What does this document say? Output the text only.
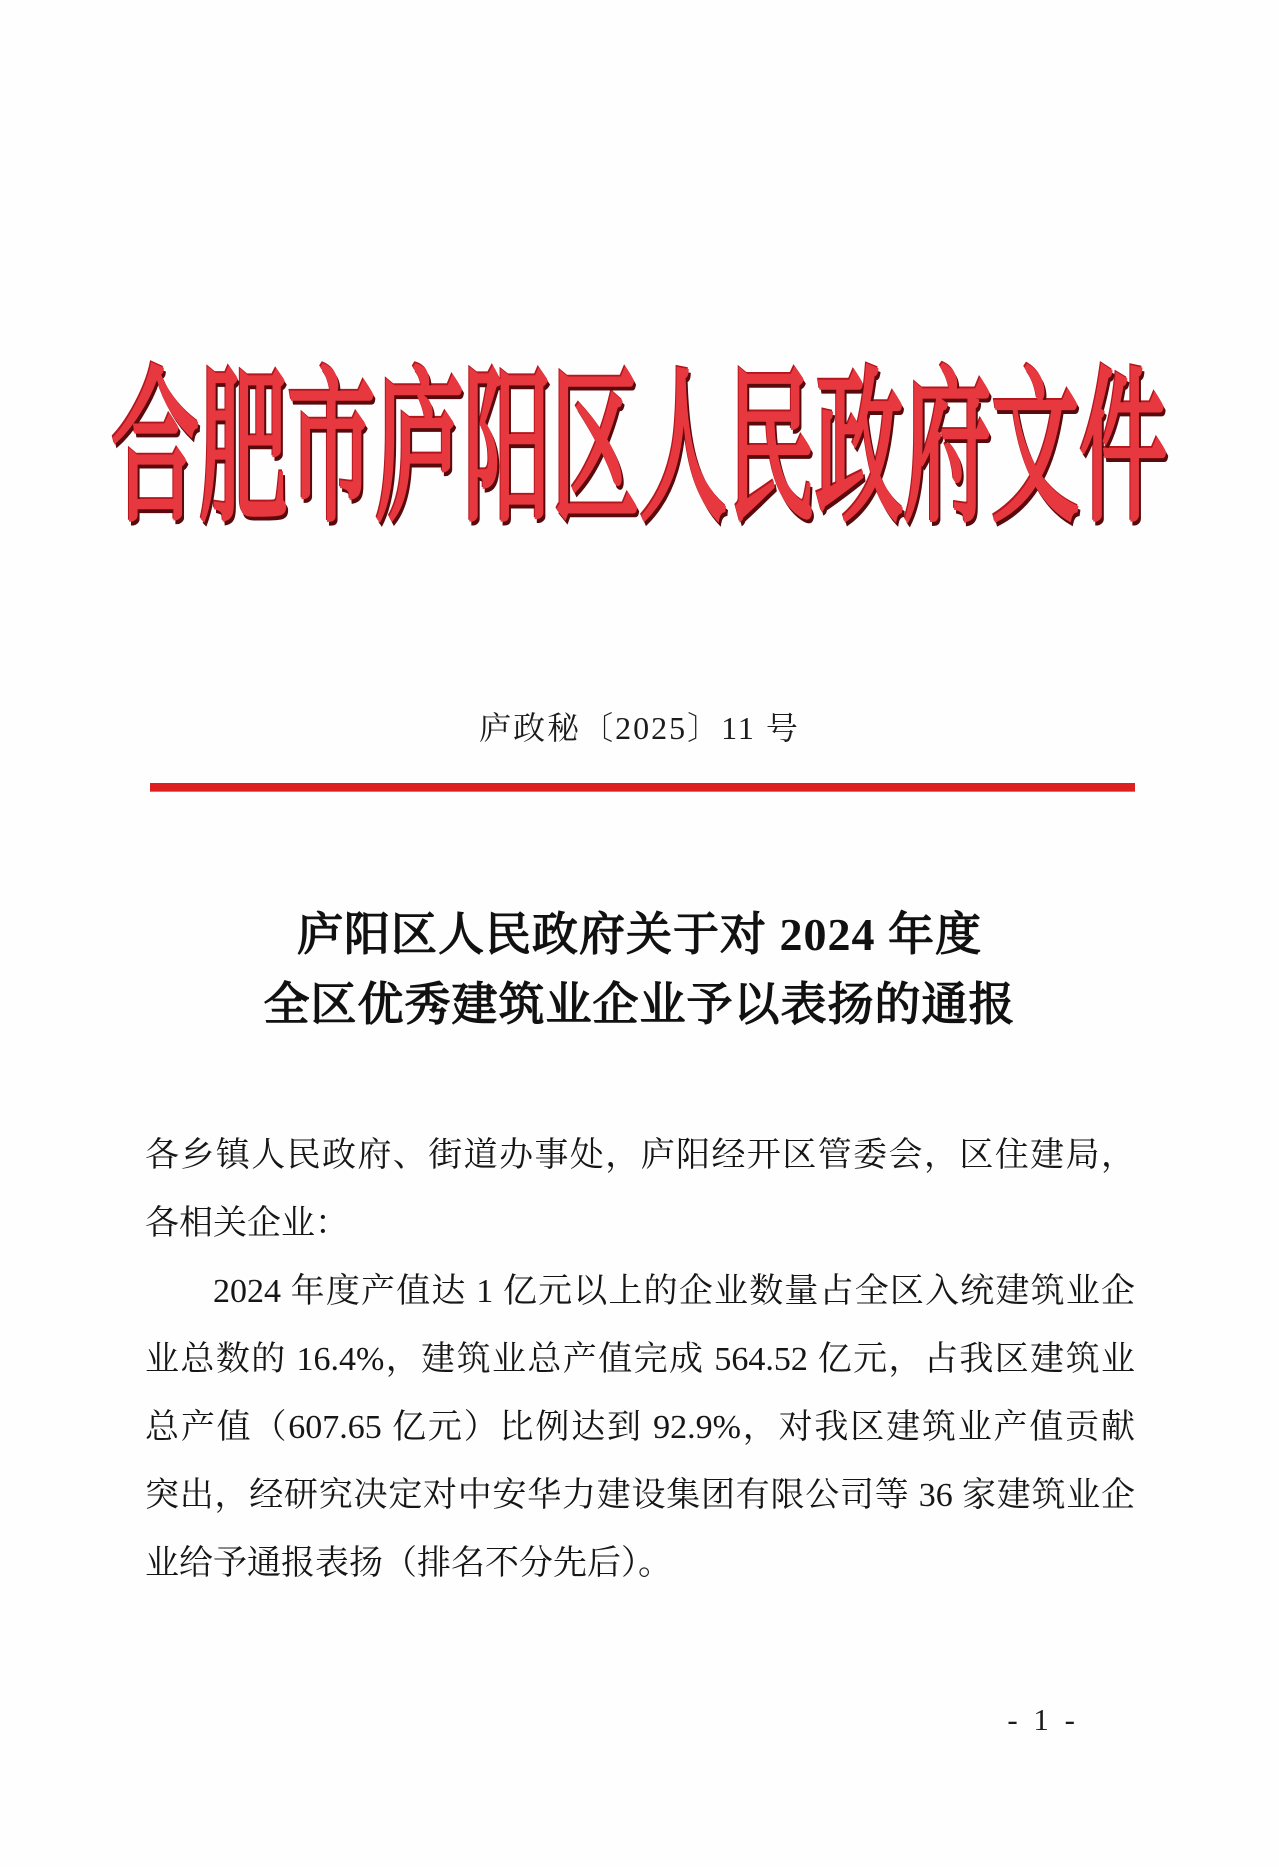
合肥市庐阳区人民政府文件
庐政秘〔2025〕11 号
庐阳区人民政府关于对 2024 年度
全区优秀建筑业企业予以表扬的通报
各乡镇人民政府、街道办事处，庐阳经开区管委会，区住建局，
各相关企业：
2024 年度产值达 1 亿元以上的企业数量占全区入统建筑业企
业总数的 16.4%，建筑业总产值完成 564.52 亿元，占我区建筑业
总产值（607.65 亿元）比例达到 92.9%，对我区建筑业产值贡献
突出，经研究决定对中安华力建设集团有限公司等 36 家建筑业企
业给予通报表扬（排名不分先后）。
- 1 -
